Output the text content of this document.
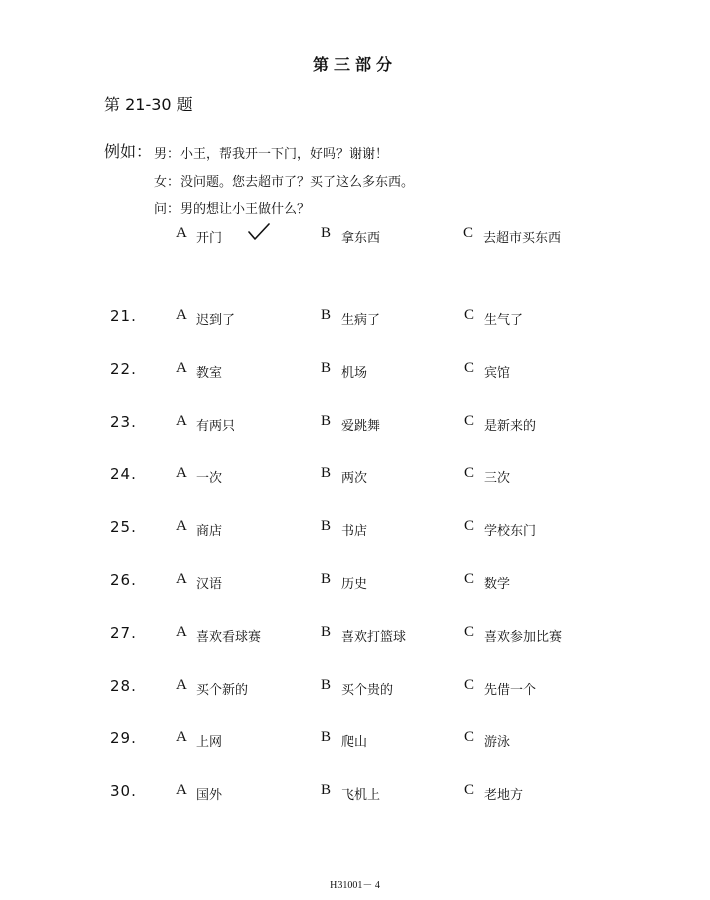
第三部分
第 21-30 题
例如： 男：小王，帮我开一下门，好吗？谢谢！
女：没问题。您去超市了？买了这么多东西。
问：男的想让小王做什么？
A 开门	B 拿东西	C 去超市买东西
21.	A 迟到了	B 生病了	C 生气了
22.	A 教室	B 机场	C 宾馆
23.	A 有两只	B 爱跳舞	C 是新来的
24.	A 一次	B 两次	C 三次
25.	A 商店	B 书店	C 学校东门
26.	A 汉语	B 历史	C 数学
27.	A 喜欢看球赛	B 喜欢打篮球	C 喜欢参加比赛
28.	A 买个新的	B 买个贵的	C 先借一个
29.	A 上网	B 爬山	C 游泳
30.	A 国外	B 飞机上	C 老地方
H31001－ 4
